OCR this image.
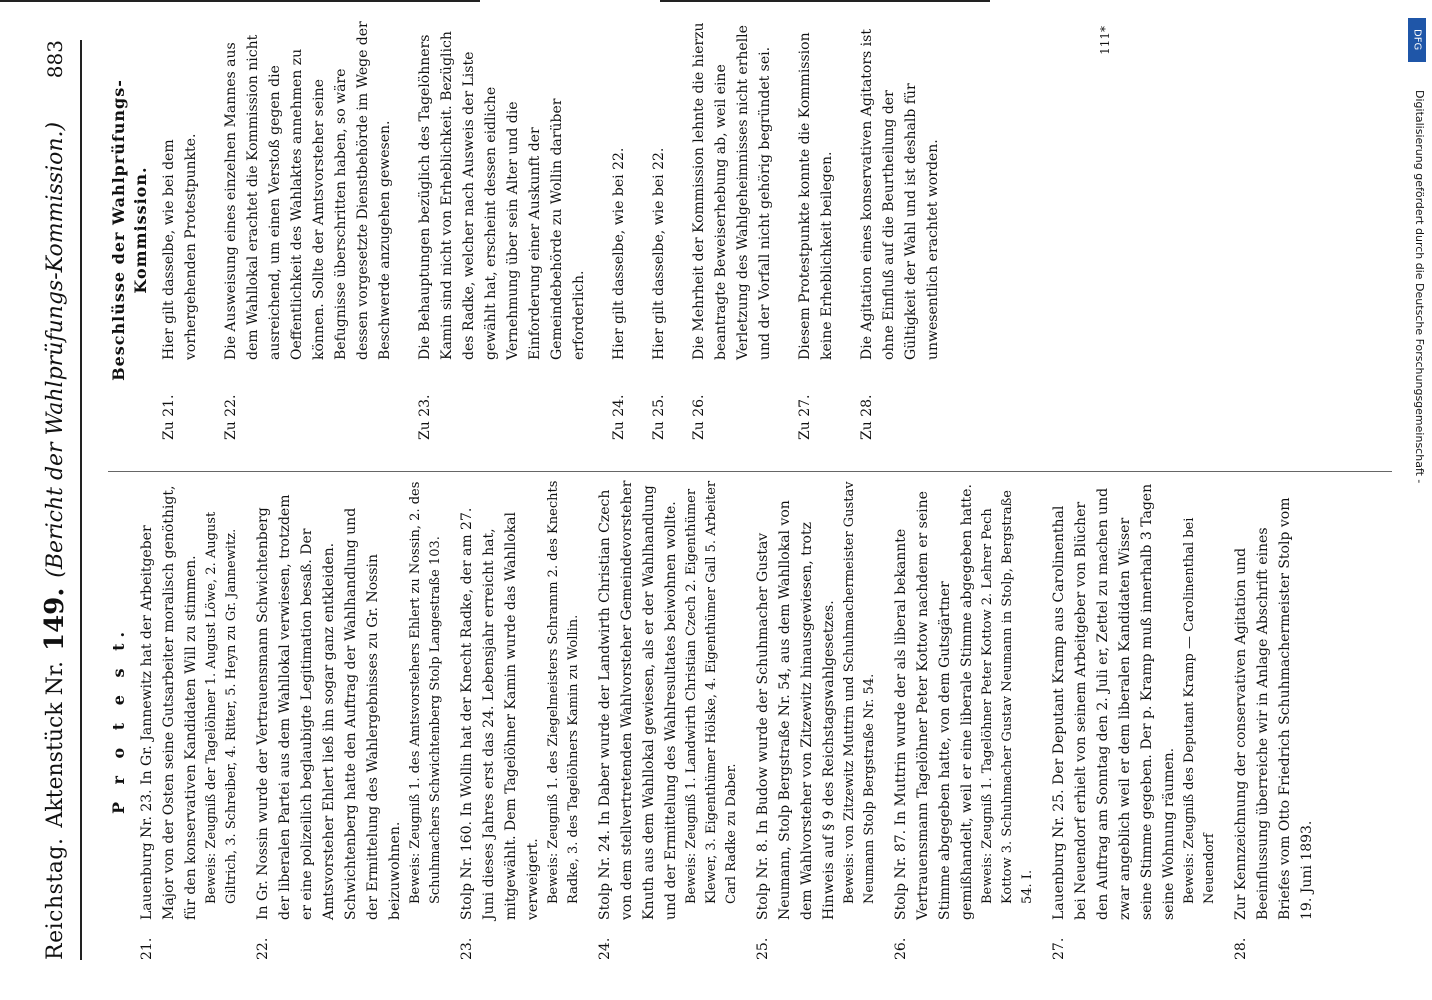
Reichstag.
Aktenstück Nr.
149.
(Bericht der Wahlprüfungs-Kommission.)
883
P r o t e s t.
21.
Lauenburg Nr. 23. In Gr. Jannewitz hat der Arbeitgeber Major von der Osten seine Gutsarbeiter moralisch genöthigt, für den konservativen Kandidaten Will zu stimmen. Beweis: Zeugniß der Tagelöhner 1. August Löwe, 2. August Giltrich, 3. Schreiber, 4. Ritter, 5. Heyn zu Gr. Jannewitz.
22.
In Gr. Nossin wurde der Vertrauensmann Schwichtenberg der liberalen Partei aus dem Wahllokal verwiesen, trotzdem er eine polizeilich beglaubigte Legitimation besaß. Der Amtsvorsteher Ehlert ließ ihn sogar ganz entkleiden. Schwichtenberg hatte den Auftrag der Wahlhandlung und der Ermittelung des Wahlergebnisses zu Gr. Nossin beizuwohnen. Beweis: Zeugniß 1. des Amtsvorstehers Ehlert zu Nossin, 2. des Schuhmachers Schwichtenberg Stolp Langestraße 103.
23.
Stolp Nr. 160. In Wollin hat der Knecht Radke, der am 27. Juni dieses Jahres erst das 24. Lebensjahr erreicht hat, mitgewählt. Dem Tagelöhner Kamin wurde das Wahllokal verweigert. Beweis: Zeugniß 1. des Ziegelmeisters Schramm 2. des Knechts Radke, 3. des Tagelöhners Kamin zu Wollin.
24.
Stolp Nr. 24. In Daber wurde der Landwirth Christian Czech von dem stellvertretenden Wahlvorsteher Gemeindevorsteher Knuth aus dem Wahllokal gewiesen, als er der Wahlhandlung und der Ermittelung des Wahlresultates beiwohnen wollte. Beweis: Zeugniß 1. Landwirth Christian Czech 2. Eigenthümer Klewer, 3. Eigenthümer Hölske, 4. Eigenthümer Gall 5. Arbeiter Carl Radke zu Daber.
25.
Stolp Nr. 8. In Budow wurde der Schuhmacher Gustav Neumann, Stolp Bergstraße Nr. 54, aus dem Wahllokal von dem Wahlvorsteher von Zitzewitz hinausgewiesen, trotz Hinweis auf § 9 des Reichstagswahlgesetzes. Beweis: von Zitzewitz Muttrin und Schuhmachermeister Gustav Neumann Stolp Bergstraße Nr. 54.
26.
Stolp Nr. 87. In Muttrin wurde der als liberal bekannte Vertrauensmann Tagelöhner Peter Kottow nachdem er seine Stimme abgegeben hatte, von dem Gutsgärtner gemißhandelt, weil er eine liberale Stimme abgegeben hatte. Beweis: Zeugniß 1. Tagelöhner Peter Kottow 2. Lehrer Pech Kottow 3. Schuhmacher Gustav Neumann in Stolp, Bergstraße 54. I.
27.
Lauenburg Nr. 25. Der Deputant Kramp aus Carolinenthal bei Neuendorf erhielt von seinem Arbeitgeber von Blücher den Auftrag am Sonntag den 2. Juli er, Zettel zu machen und zwar angeblich weil er dem liberalen Kandidaten Wisser seine Stimme gegeben. Der p. Kramp muß innerhalb 3 Tagen seine Wohnung räumen. Beweis: Zeugniß des Deputant Kramp — Carolinenthal bei Neuendorf
28.
Zur Kennzeichnung der conservativen Agitation und Beeinflussung überreiche wir in Anlage Abschrift eines Briefes vom Otto Friedrich Schuhmachermeister Stolp vom 19. Juni 1893.
Beschlüsse der Wahlprüfungs-Kommission.
Zu 21.
Hier gilt dasselbe, wie bei dem vorhergehenden Protestpunkte.
Zu 22.
Die Ausweisung eines einzelnen Mannes aus dem Wahllokal erachtet die Kommission nicht ausreichend, um einen Verstoß gegen die Oeffentlichkeit des Wahlaktes annehmen zu können. Sollte der Amtsvorsteher seine Befugnisse überschritten haben, so wäre dessen vorgesetzte Dienstbehörde im Wege der Beschwerde anzugehen gewesen.
Zu 23.
Die Behauptungen bezüglich des Tagelöhners Kamin sind nicht von Erheblichkeit. Bezüglich des Radke, welcher nach Ausweis der Liste gewählt hat, erscheint dessen eidliche Vernehmung über sein Alter und die Einforderung einer Auskunft der Gemeindebehörde zu Wollin darüber erforderlich.
Zu 24.
Hier gilt dasselbe, wie bei 22.
Zu 25.
Hier gilt dasselbe, wie bei 22.
Zu 26.
Die Mehrheit der Kommission lehnte die hierzu beantragte Beweiserhebung ab, weil eine Verletzung des Wahlgeheimnisses nicht erhelle und der Vorfall nicht gehörig begründet sei.
Zu 27.
Diesem Protestpunkte konnte die Kommission keine Erheblichkeit beilegen.
Zu 28.
Die Agitation eines konservativen Agitators ist ohne Einfluß auf die Beurtheilung der Gültigkeit der Wahl und ist deshalb für unwesentlich erachtet worden.
111*	DFG
Digitalisierung gefördert durch die Deutsche Forschungsgemeinschaft -
